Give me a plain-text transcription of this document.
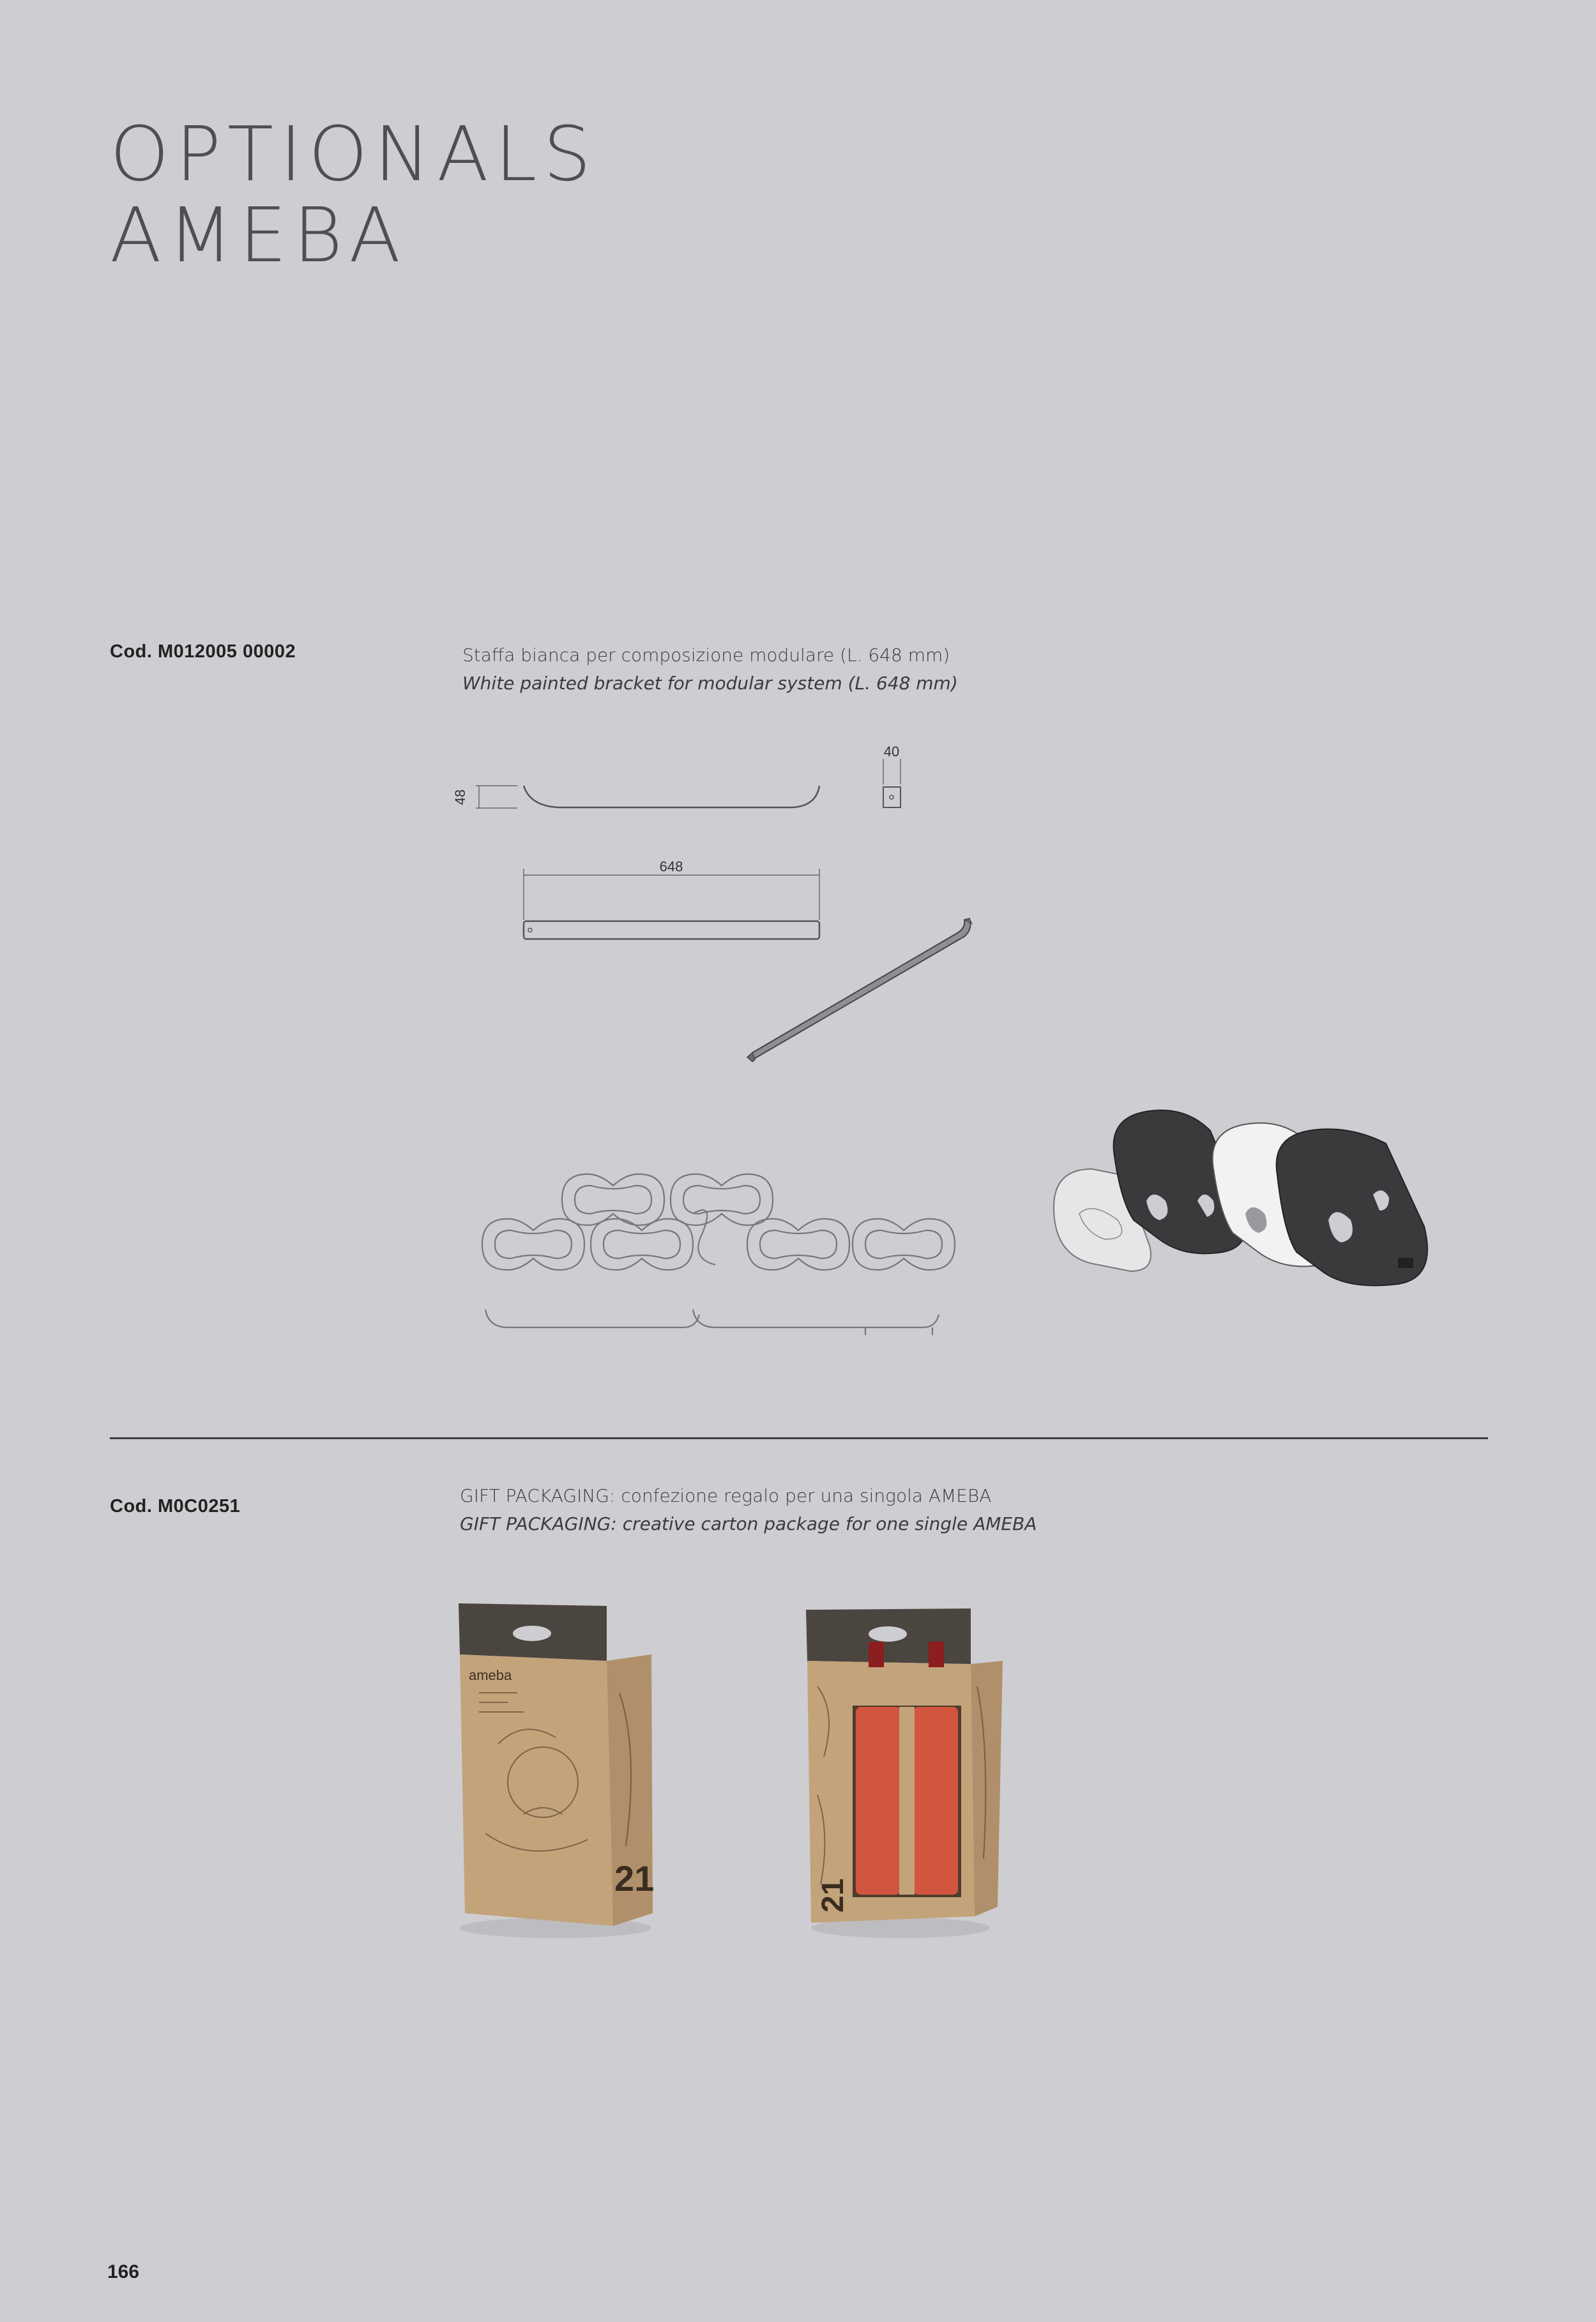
OPTIONALS
AMEBA
Cod. M012005 00002	Staffa bianca per composizione modulare (L. 648 mm)
White painted bracket for modular system (L. 648 mm)
48
40
648
Cod. M0C0251	GIFT PACKAGING: confezione regalo per una singola AMEBA
GIFT PACKAGING: creative carton package for one single AMEBA
ameba
21	21
166
